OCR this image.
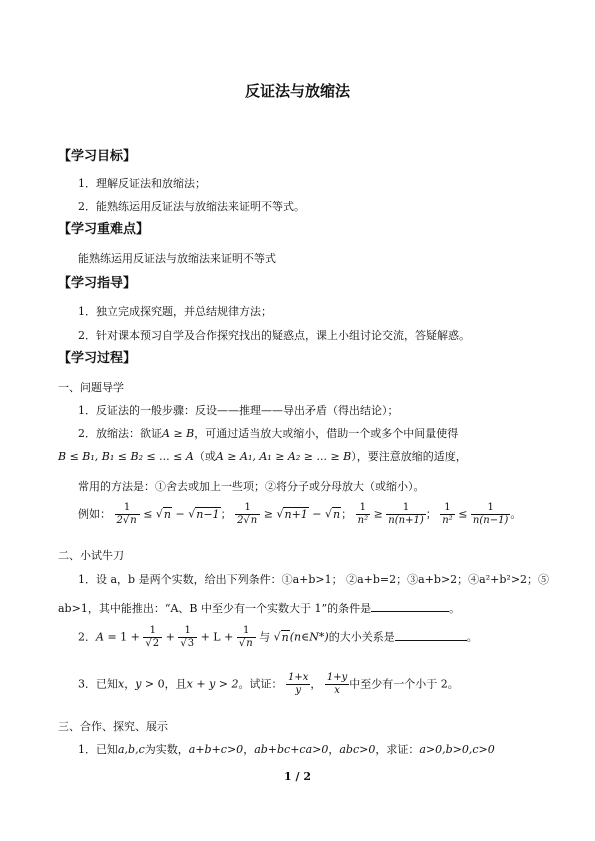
反证法与放缩法
【学习目标】
1．理解反证法和放缩法；
2．能熟练运用反证法与放缩法来证明不等式。
【学习重难点】
能熟练运用反证法与放缩法来证明不等式
【学习指导】
1．独立完成探究题，并总结规律方法；
2．针对课本预习自学及合作探究找出的疑惑点，课上小组讨论交流，答疑解惑。
【学习过程】
一、问题导学
1．反证法的一般步骤：反设——推理——导出矛盾（得出结论）；
2．放缩法：欲证A ≥ B，可通过适当放大或缩小，借助一个或多个中间量使得
B ≤ B₁, B₁ ≤ B₂ ≤ ... ≤ A（或A ≥ A₁, A₁ ≥ A₂ ≥ ... ≥ B），要注意放缩的适度，
常用的方法是：①舍去或加上一些项；②将分子或分母放大（或缩小）。
例如： $\frac{1}{2√n} \le √n - √n-1$； $\frac{1}{2√n} \ge √n+1 - √n$； $\frac{1}{\text{n²}} \ge \frac{1}{n(n+1)}$ ； $\frac{1}{\text{n²}} \le \frac{1}{n(n-1)}$ 。
二、小试牛刀
1．设 a，b 是两个实数，给出下列条件：①a+b>1； ②a+b=2；③a+b>2；④a²+b²>2；⑤
ab>1，其中能推出：“A、B 中至少有一个实数大于 1”的条件是	。
2．$A = 1 + \frac{1}{√2} + \frac{1}{√3} + L + \frac{1}{√n}$ 与 √n(n∈N*)的大小关系是	。
3．已知x，y > 0，且x + y > 2。试证： $\frac{1+x}{y}$ ， $\frac{1+y}{x}$ 中至少有一个小于 2。
三、合作、探究、展示
1．已知a,b,c为实数，a+b+c>0，ab+bc+ca>0，abc>0，求证：a>0,b>0,c>0
1 / 2
